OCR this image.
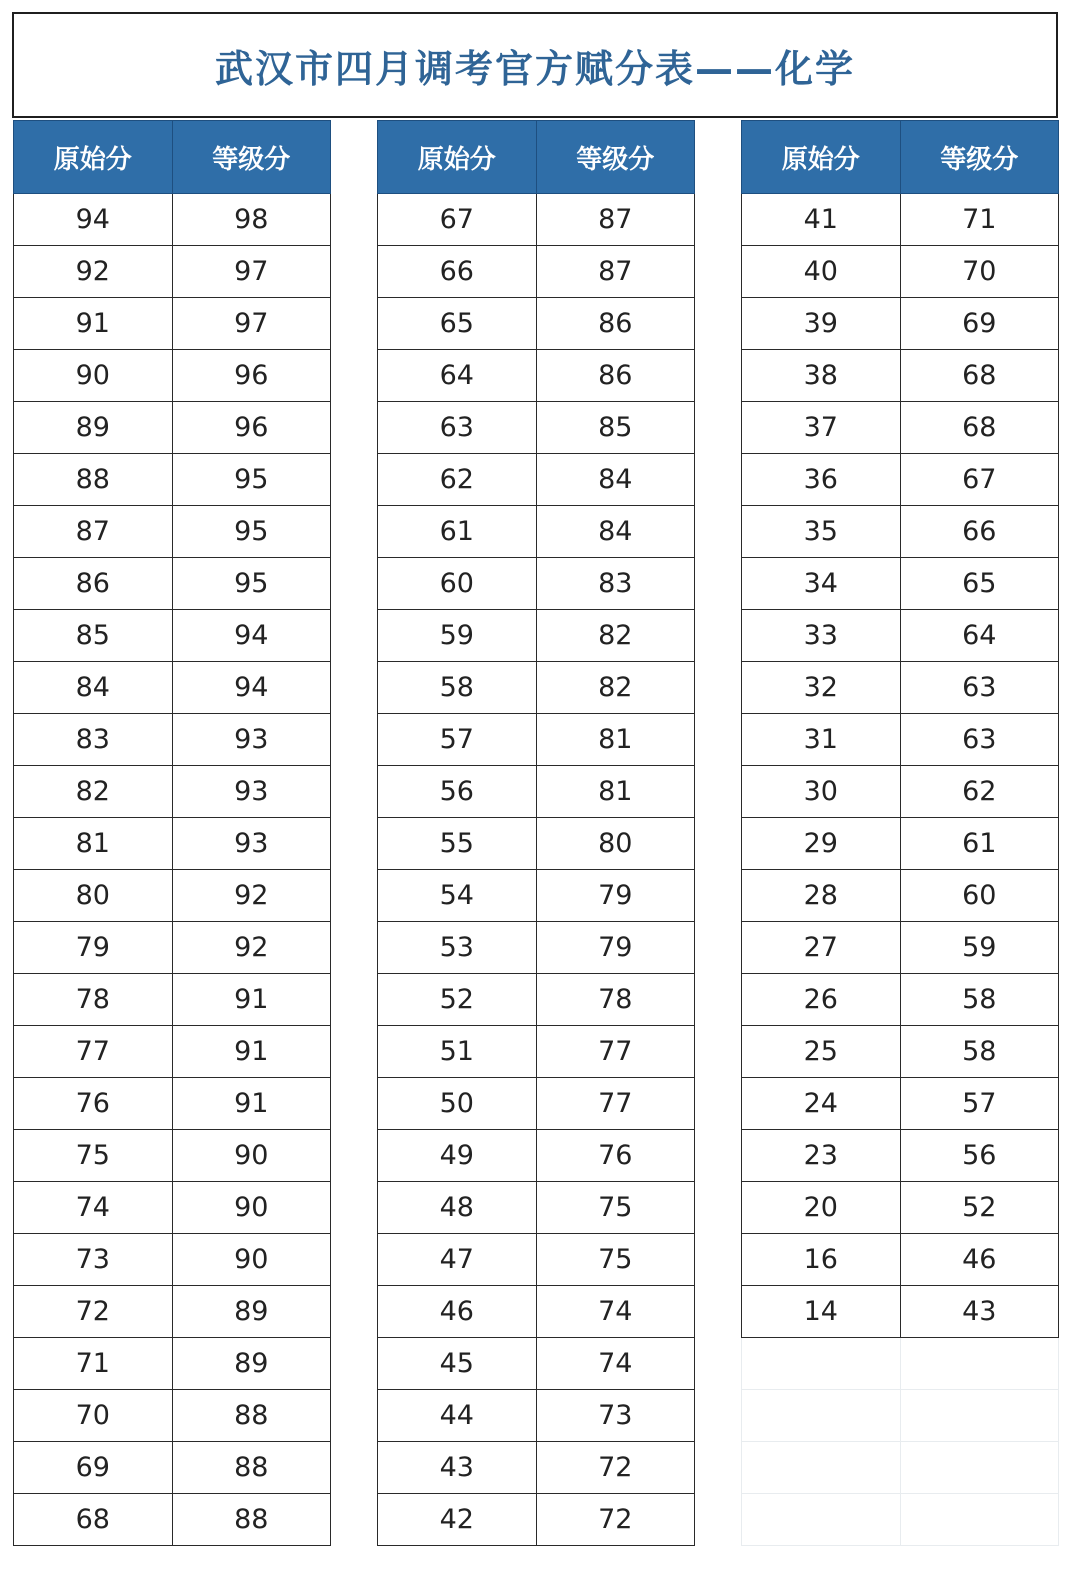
武汉市四月调考官方赋分表——化学
原始分	等级分
94	98
92	97
91	97
90	96
89	96
88	95
87	95
86	95
85	94
84	94
83	93
82	93
81	93
80	92
79	92
78	91
77	91
76	91
75	90
74	90
73	90
72	89
71	89
70	88
69	88
68	88
原始分	等级分
67	87
66	87
65	86
64	86
63	85
62	84
61	84
60	83
59	82
58	82
57	81
56	81
55	80
54	79
53	79
52	78
51	77
50	77
49	76
48	75
47	75
46	74
45	74
44	73
43	72
42	72
原始分	等级分
41	71
40	70
39	69
38	68
37	68
36	67
35	66
34	65
33	64
32	63
31	63
30	62
29	61
28	60
27	59
26	58
25	58
24	57
23	56
20	52
16	46
14	43
